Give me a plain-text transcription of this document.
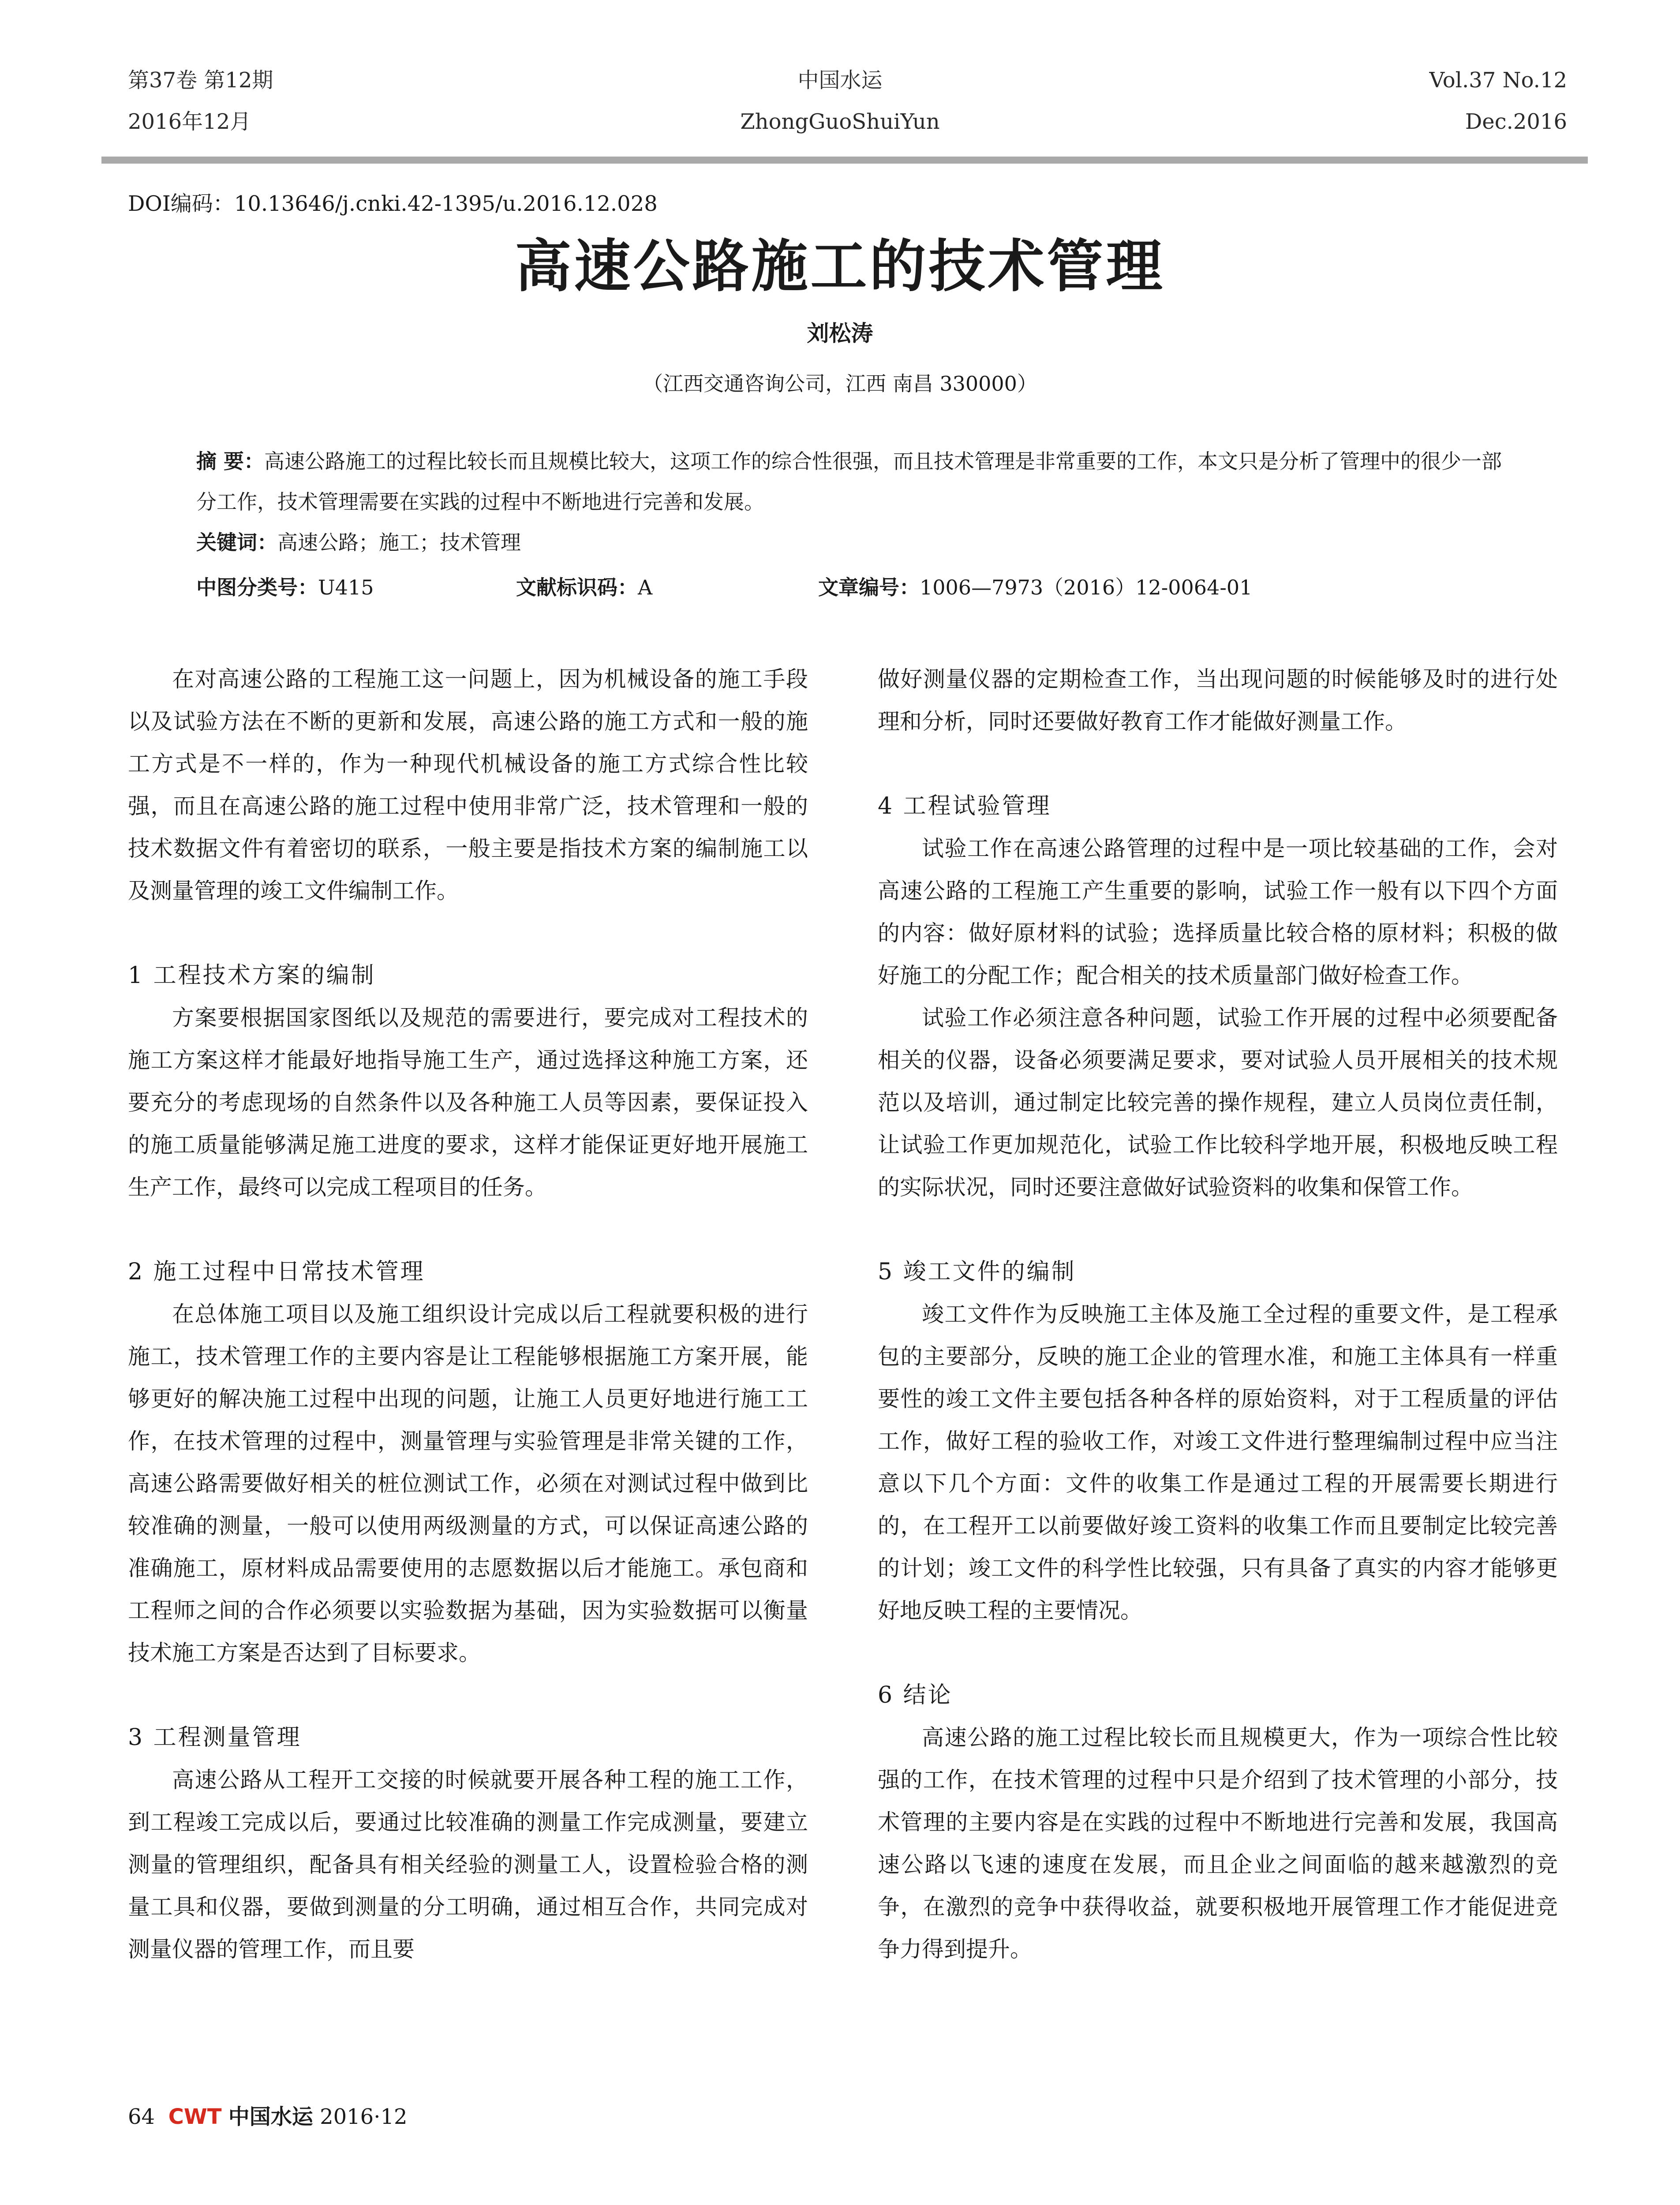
第37卷 第12期
2016年12月
中国水运
ZhongGuoShuiYun
Vol.37 No.12
Dec.2016
DOI编码：10.13646/j.cnki.42-1395/u.2016.12.028
高速公路施工的技术管理
刘松涛
（江西交通咨询公司，江西 南昌 330000）
摘 要：高速公路施工的过程比较长而且规模比较大，这项工作的综合性很强，而且技术管理是非常重要的工作，本文只是分析了管理中的很少一部分工作，技术管理需要在实践的过程中不断地进行完善和发展。
关键词：高速公路；施工；技术管理
中图分类号：U415	文献标识码：A	文章编号：1006—7973（2016）12-0064-01

在对高速公路的工程施工这一问题上，因为机械设备的施工手段以及试验方法在不断的更新和发展，高速公路的施工方式和一般的施工方式是不一样的，作为一种现代机械设备的施工方式综合性比较强，而且在高速公路的施工过程中使用非常广泛，技术管理和一般的技术数据文件有着密切的联系，一般主要是指技术方案的编制施工以及测量管理的竣工文件编制工作。

1 工程技术方案的编制

方案要根据国家图纸以及规范的需要进行，要完成对工程技术的施工方案这样才能最好地指导施工生产，通过选择这种施工方案，还要充分的考虑现场的自然条件以及各种施工人员等因素，要保证投入的施工质量能够满足施工进度的要求，这样才能保证更好地开展施工生产工作，最终可以完成工程项目的任务。

2 施工过程中日常技术管理

在总体施工项目以及施工组织设计完成以后工程就要积极的进行施工，技术管理工作的主要内容是让工程能够根据施工方案开展，能够更好的解决施工过程中出现的问题，让施工人员更好地进行施工工作，在技术管理的过程中，测量管理与实验管理是非常关键的工作，高速公路需要做好相关的桩位测试工作，必须在对测试过程中做到比较准确的测量，一般可以使用两级测量的方式，可以保证高速公路的准确施工，原材料成品需要使用的志愿数据以后才能施工。承包商和工程师之间的合作必须要以实验数据为基础，因为实验数据可以衡量技术施工方案是否达到了目标要求。

3 工程测量管理

高速公路从工程开工交接的时候就要开展各种工程的施工工作，到工程竣工完成以后，要通过比较准确的测量工作完成测量，要建立测量的管理组织，配备具有相关经验的测量工人，设置检验合格的测量工具和仪器，要做到测量的分工明确，通过相互合作，共同完成对测量仪器的管理工作，而且要

做好测量仪器的定期检查工作，当出现问题的时候能够及时的进行处理和分析，同时还要做好教育工作才能做好测量工作。

4 工程试验管理

试验工作在高速公路管理的过程中是一项比较基础的工作，会对高速公路的工程施工产生重要的影响，试验工作一般有以下四个方面的内容：做好原材料的试验；选择质量比较合格的原材料；积极的做好施工的分配工作；配合相关的技术质量部门做好检查工作。

试验工作必须注意各种问题，试验工作开展的过程中必须要配备相关的仪器，设备必须要满足要求，要对试验人员开展相关的技术规范以及培训，通过制定比较完善的操作规程，建立人员岗位责任制，让试验工作更加规范化，试验工作比较科学地开展，积极地反映工程的实际状况，同时还要注意做好试验资料的收集和保管工作。

5 竣工文件的编制

竣工文件作为反映施工主体及施工全过程的重要文件，是工程承包的主要部分，反映的施工企业的管理水准，和施工主体具有一样重要性的竣工文件主要包括各种各样的原始资料，对于工程质量的评估工作，做好工程的验收工作，对竣工文件进行整理编制过程中应当注意以下几个方面：文件的收集工作是通过工程的开展需要长期进行的，在工程开工以前要做好竣工资料的收集工作而且要制定比较完善的计划；竣工文件的科学性比较强，只有具备了真实的内容才能够更好地反映工程的主要情况。

6 结论

高速公路的施工过程比较长而且规模更大，作为一项综合性比较强的工作，在技术管理的过程中只是介绍到了技术管理的小部分，技术管理的主要内容是在实践的过程中不断地进行完善和发展，我国高速公路以飞速的速度在发展，而且企业之间面临的越来越激烈的竞争，在激烈的竞争中获得收益，就要积极地开展管理工作才能促进竞争力得到提升。

64 CWT 中国水运 2016·12
